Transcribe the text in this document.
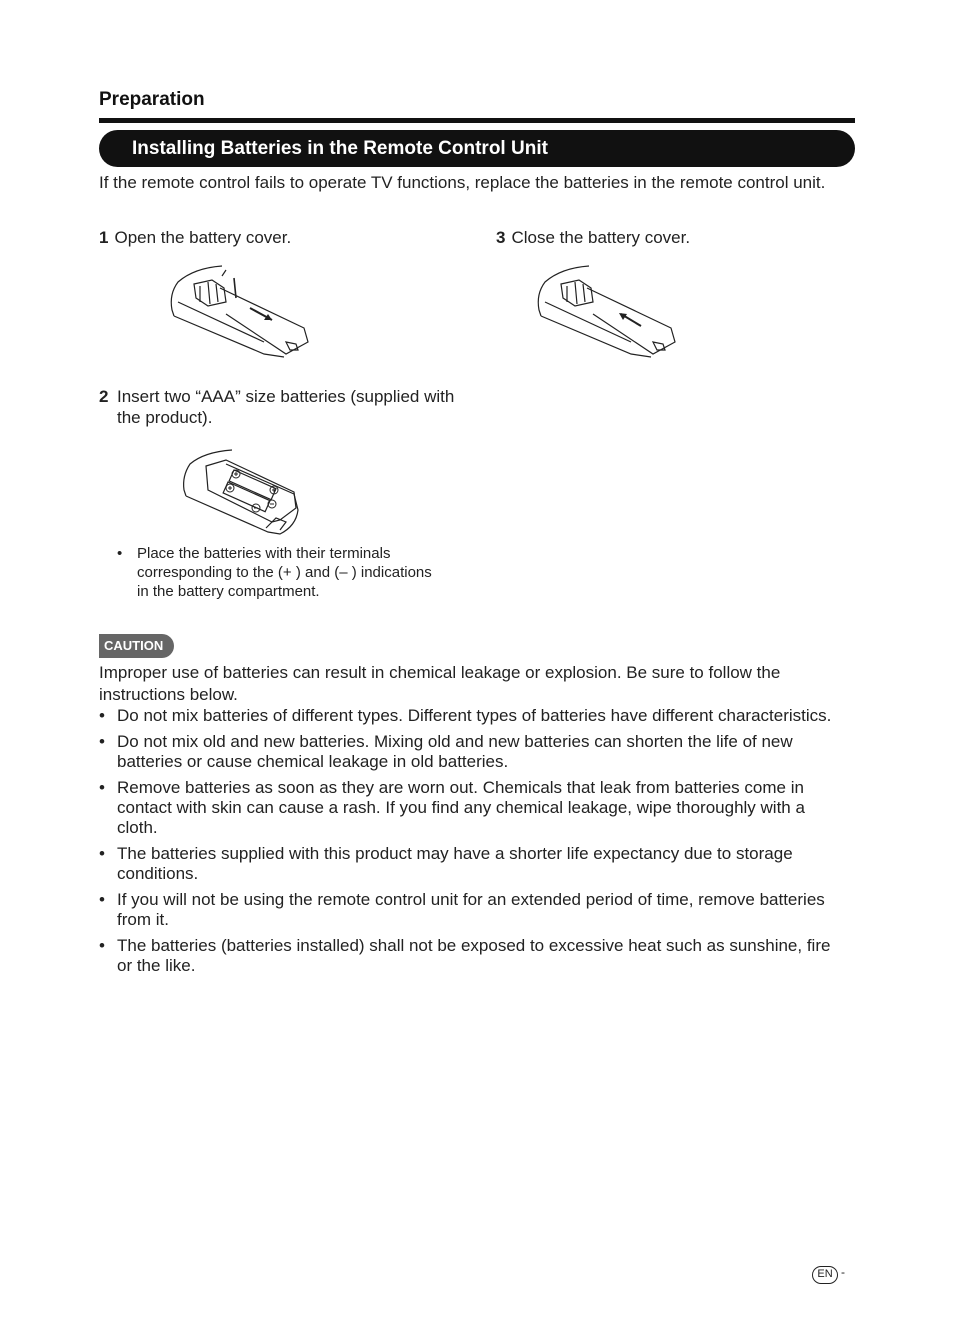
Preparation
Installing Batteries in the Remote Control Unit
If the remote control fails to operate TV functions, replace the batteries in the remote control unit.
1 Open the battery cover.	3 Close the battery cover.
2 Insert two “AAA” size batteries (supplied with the product).
• Place the batteries with their terminals corresponding to the (+ ) and (– ) indications in the battery compartment.
CAUTION
Improper use of batteries can result in chemical leakage or explosion. Be sure to follow the instructions below.
• Do not mix batteries of different types. Different types of batteries have different characteristics.
• Do not mix old and new batteries. Mixing old and new batteries can shorten the life of new batteries or cause chemical leakage in old batteries.
• Remove batteries as soon as they are worn out. Chemicals that leak from batteries come in contact with skin can cause a rash. If you find any chemical leakage, wipe thoroughly with a cloth.
• The batteries supplied with this product may have a shorter life expectancy due to storage conditions.
• If you will not be using the remote control unit for an extended period of time, remove batteries from it.
• The batteries (batteries installed) shall not be exposed to excessive heat such as sunshine, fire or the like.
EN -
